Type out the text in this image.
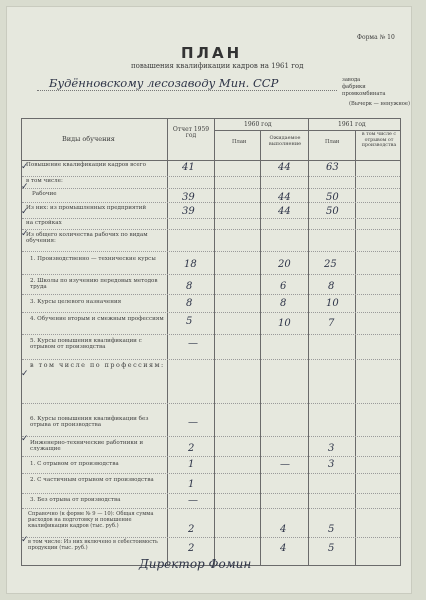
Форма № 10
ПЛАН
повышения квалификации кадров на 1961 год
Будённовскому лесозаводу Мин. ССР	завода
фабрики
промкомбината
(Вычерк — ненужное)
Виды обучения
Отчет 1959 год
1960 год
План
Ожидаемое выполнение
1961 год
План
в том числе с отрывом от производства
Повышение квалификации кадров всего
в том числе:
Рабочие
Из них: из промышленных предприятий
на стройках
Из общего количества рабочих по видам обучения:
1. Производственно — технические курсы
2. Школы по изучению передовых методов труда
3. Курсы целевого назначения
4. Обучение вторым и смежным профессиям
5. Курсы повышения квалификации с отрывом от производства
в том числе по профессиям:
6. Курсы повышения квалификации без отрыва от производства
Инженерно-технические работники и служащие
1. С отрывом от производства
2. С частичным отрывом от производства
3. Без отрыва от производства
Справочно (к форме № 9 — 10): Общая сумма расходов на подготовку и повышение квалификации кадров (тыс. руб.)
в том числе: Из них включено в себестоимость продукции (тыс. руб.)
41
39
39
18
8
8
5
—
—
2
1
1
—
2
2
44
44
44
20
6
8
10
—
4
4
63
50
50
25
8
10
7
3
3
5
5
✓
✓
✓
✓
✓
✓
✓
Директор Фомин
